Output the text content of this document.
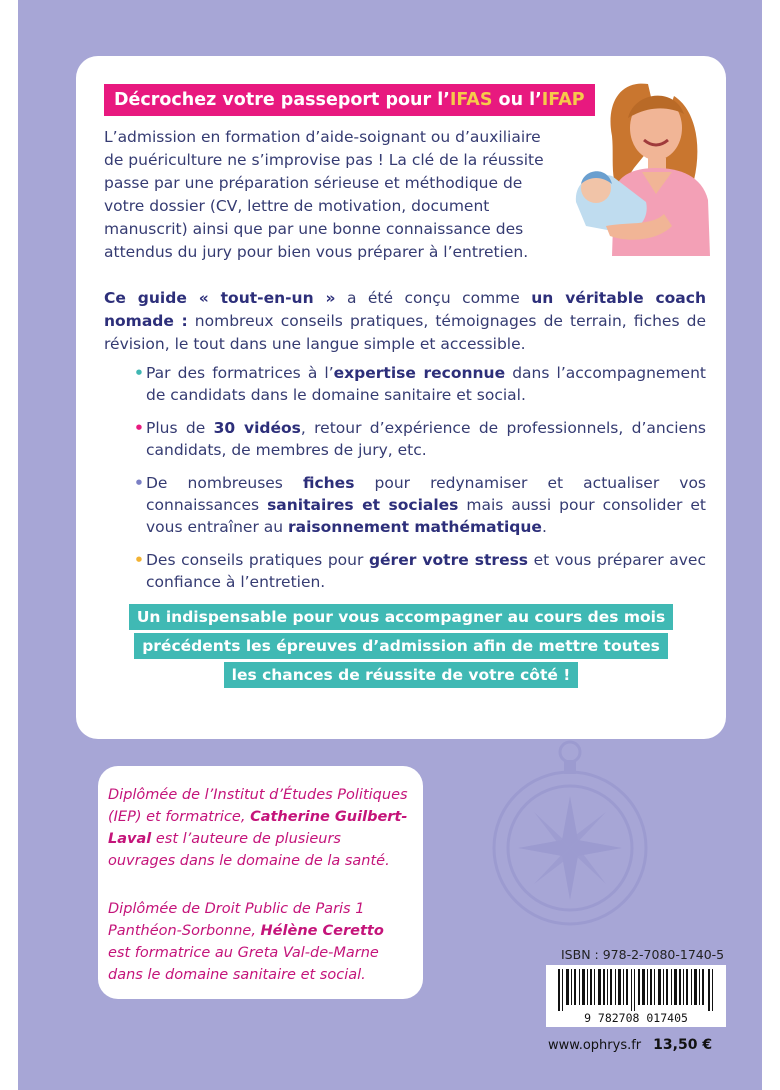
Décrochez votre passeport pour l’IFAS ou l’IFAP

L’admission en formation d’aide-soignant ou d’auxiliaire de puériculture ne s’improvise pas ! La clé de la réussite passe par une préparation sérieuse et méthodique de votre dossier (CV, lettre de motivation, document manuscrit) ainsi que par une bonne connaissance des attendus du jury pour bien vous préparer à l’entretien.

Ce guide « tout-en-un » a été conçu comme un véritable coach nomade : nombreux conseils pratiques, témoignages de terrain, fiches de révision, le tout dans une langue simple et accessible.

• Par des formatrices à l’expertise reconnue dans l’accompagnement de candidats dans le domaine sanitaire et social.
• Plus de 30 vidéos, retour d’expérience de professionnels, d’anciens candidats, de membres de jury, etc.
• De nombreuses fiches pour redynamiser et actualiser vos connaissances sanitaires et sociales mais aussi pour consolider et vous entraîner au raisonnement mathématique.
• Des conseils pratiques pour gérer votre stress et vous préparer avec confiance à l’entretien.
Un indispensable pour vous accompagner au cours des mois
précédents les épreuves d’admission afin de mettre toutes
les chances de réussite de votre côté !

Diplômée de l’Institut d’Études Politiques (IEP) et formatrice, Catherine Guilbert-Laval est l’auteure de plusieurs ouvrages dans le domaine de la santé.

Diplômée de Droit Public de Paris 1 Panthéon-Sorbonne, Hélène Ceretto est formatrice au Greta Val-de-Marne dans le domaine sanitaire et social.

ISBN : 978-2-7080-1740-5
9 782708 017405
www.ophrys.fr 13,50 €
